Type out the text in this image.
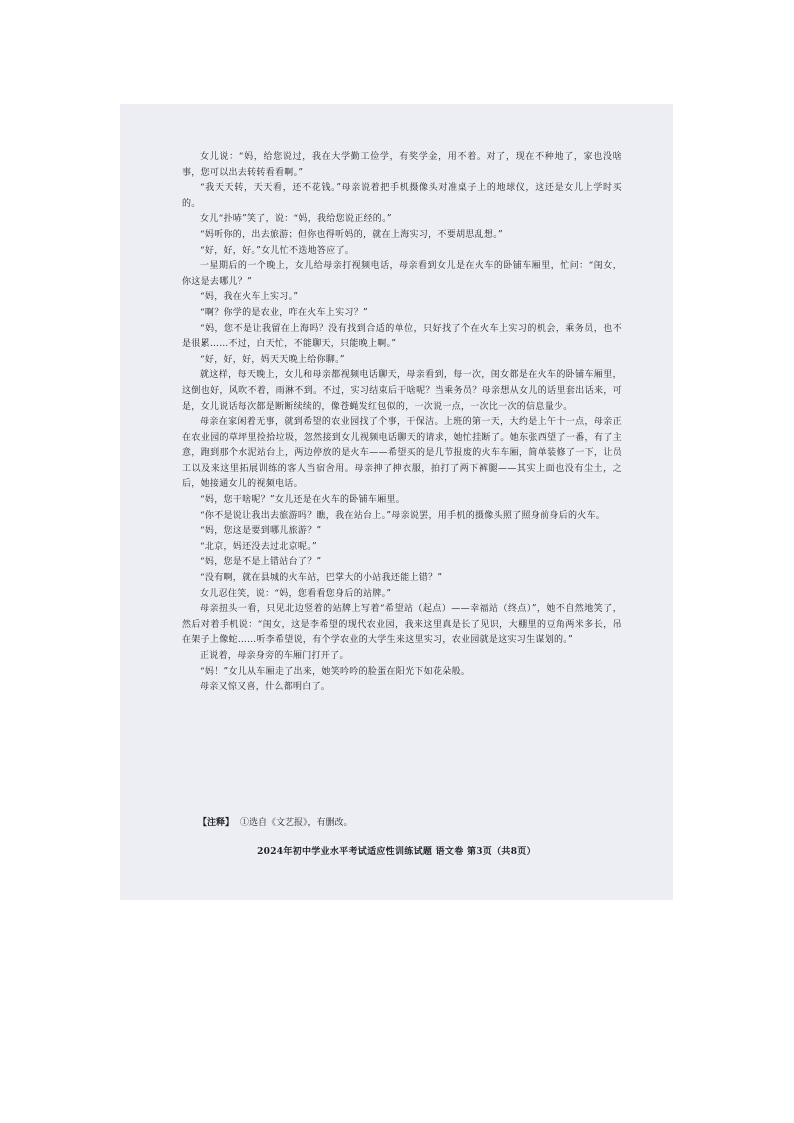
女儿说：“妈，给您说过，我在大学勤工俭学，有奖学金，用不着。对了，现在不种地了，家也没啥事，您可以出去转转看看啊。”

“我天天转，天天看，还不花钱。”母亲说着把手机摄像头对准桌子上的地球仪，这还是女儿上学时买的。

女儿“扑哧”笑了，说：“妈，我给您说正经的。”

“妈听你的，出去旅游；但你也得听妈的，就在上海实习，不要胡思乱想。”

“好，好，好。”女儿忙不迭地答应了。

一星期后的一个晚上，女儿给母亲打视频电话，母亲看到女儿是在火车的卧铺车厢里，忙问：“闺女，你这是去哪儿？”

“妈，我在火车上实习。”

“啊？你学的是农业，咋在火车上实习？”

“妈，您不是让我留在上海吗？没有找到合适的单位，只好找了个在火车上实习的机会，乘务员，也不是很累……不过，白天忙，不能聊天，只能晚上啊。”

“好，好，好，妈天天晚上给你聊。”

就这样，每天晚上，女儿和母亲都视频电话聊天，母亲看到，每一次，闺女都是在火车的卧铺车厢里，这倒也好，风吹不着，雨淋不到。不过，实习结束后干啥呢？当乘务员？母亲想从女儿的话里套出话来，可是，女儿说话每次都是断断续续的，像苍蝇发红包似的，一次说一点，一次比一次的信息量少。

母亲在家闲着无事，就到希望的农业园找了个事，干保洁。上班的第一天，大约是上午十一点，母亲正在农业园的草坪里捡拾垃圾，忽然接到女儿视频电话聊天的请求，她忙挂断了。她东张西望了一番，有了主意，跑到那个水泥站台上，两边停放的是火车——希望买的是几节报废的火车车厢，简单装修了一下，让员工以及来这里拓展训练的客人当宿舍用。母亲抻了抻衣服，拍打了两下裤腿——其实上面也没有尘土，之后，她接通女儿的视频电话。

“妈，您干啥呢？”女儿还是在火车的卧铺车厢里。

“你不是说让我出去旅游吗？瞧，我在站台上。”母亲说罢，用手机的摄像头照了照身前身后的火车。

“妈，您这是要到哪儿旅游？”

“北京，妈还没去过北京呢。”

“妈，您是不是上错站台了？”

“没有啊，就在县城的火车站，巴掌大的小站我还能上错？”

女儿忍住笑，说：“妈，您看看您身后的站牌。”

母亲扭头一看，只见北边竖着的站牌上写着“希望站（起点）——幸福站（终点）”，她不自然地笑了，然后对着手机说：“闺女，这是李希望的现代农业园，我来这里真是长了见识，大棚里的豆角两米多长，吊在架子上像蛇……听李希望说，有个学农业的大学生来这里实习，农业园就是这实习生谋划的。”

正说着，母亲身旁的车厢门打开了。

“妈！”女儿从车厢走了出来，她笑吟吟的脸蛋在阳光下如花朵般。

母亲又惊又喜，什么都明白了。

【注释】 ①选自《文艺报》，有删改。
2024年初中学业水平考试适应性训练试题 语文卷 第3页（共8页）
